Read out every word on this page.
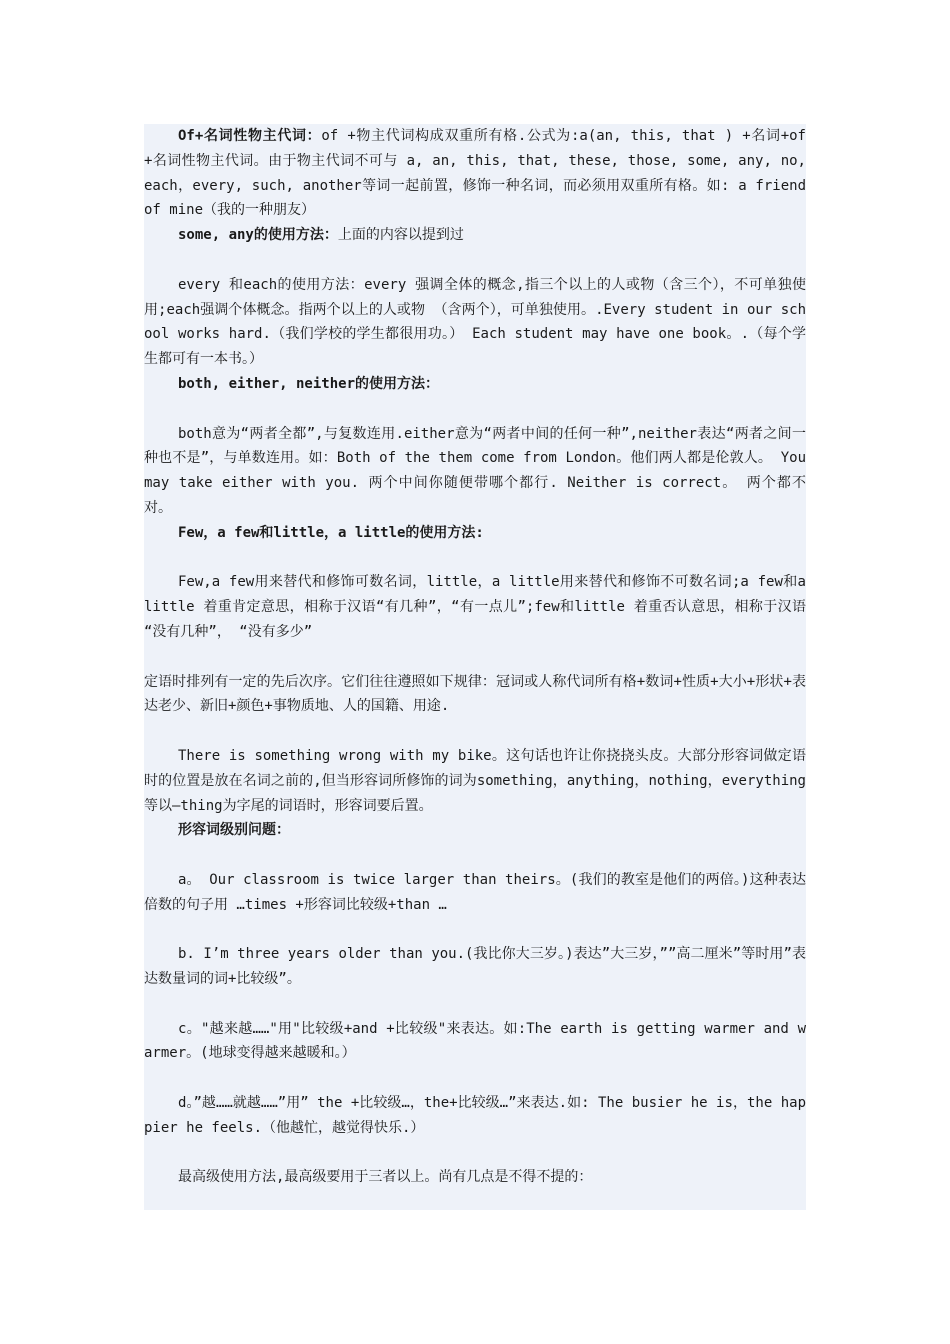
Of+名词性物主代词：of +物主代词构成双重所有格.公式为:a(an, this, that ) +名词+of +名词性物主代词。由于物主代词不可与 a, an, this, that, these, those, some, any, no, each，every, such, another等词一起前置，修饰一种名词，而必须用双重所有格。如: a friend of mine（我的一种朋友）

some, any的使用方法：上面的内容以提到过

every 和each的使用方法：every 强调全体的概念,指三个以上的人或物（含三个），不可单独使用;each强调个体概念。指两个以上的人或物 （含两个），可单独使用。.Every student in our school works hard.（我们学校的学生都很用功。） Each student may have one book。.（每个学生都可有一本书。）

both, either, neither的使用方法：

both意为“两者全都”,与复数连用.either意为“两者中间的任何一种”,neither表达“两者之间一种也不是”，与单数连用。如：Both of the them come from London。他们两人都是伦敦人。 You may take either with you. 两个中间你随便带哪个都行. Neither is correct。 两个都不对。

Few，a few和little，a little的使用方法:

Few,a few用来替代和修饰可数名词，little，a little用来替代和修饰不可数名词;a few和a little 着重肯定意思，相称于汉语“有几种”，“有一点儿”;few和little 着重否认意思，相称于汉语 “没有几种”， “没有多少”

定语时排列有一定的先后次序。它们往往遵照如下规律：冠词或人称代词所有格+数词+性质+大小+形状+表达老少、新旧+颜色+事物质地、人的国籍、用途.

There is something wrong with my bike。这句话也许让你挠挠头皮。大部分形容词做定语时的位置是放在名词之前的,但当形容词所修饰的词为something，anything，nothing，everything等以—thing为字尾的词语时，形容词要后置。

形容词级别问题：

a。 Our classroom is twice larger than theirs。(我们的教室是他们的两倍。)这种表达倍数的句子用 …times +形容词比较级+than …

b. I’m three years older than you.(我比你大三岁。)表达”大三岁，””高二厘米”等时用”表达数量词的词+比较级”。

c。"越来越……"用"比较级+and +比较级"来表达。如:The earth is getting warmer and warmer。(地球变得越来越暖和。）

d。”越……就越……”用” the +比较级…，the+比较级…”来表达.如: The busier he is，the happier he feels.（他越忙，越觉得快乐.）

最高级使用方法,最高级要用于三者以上。尚有几点是不得不提的：
